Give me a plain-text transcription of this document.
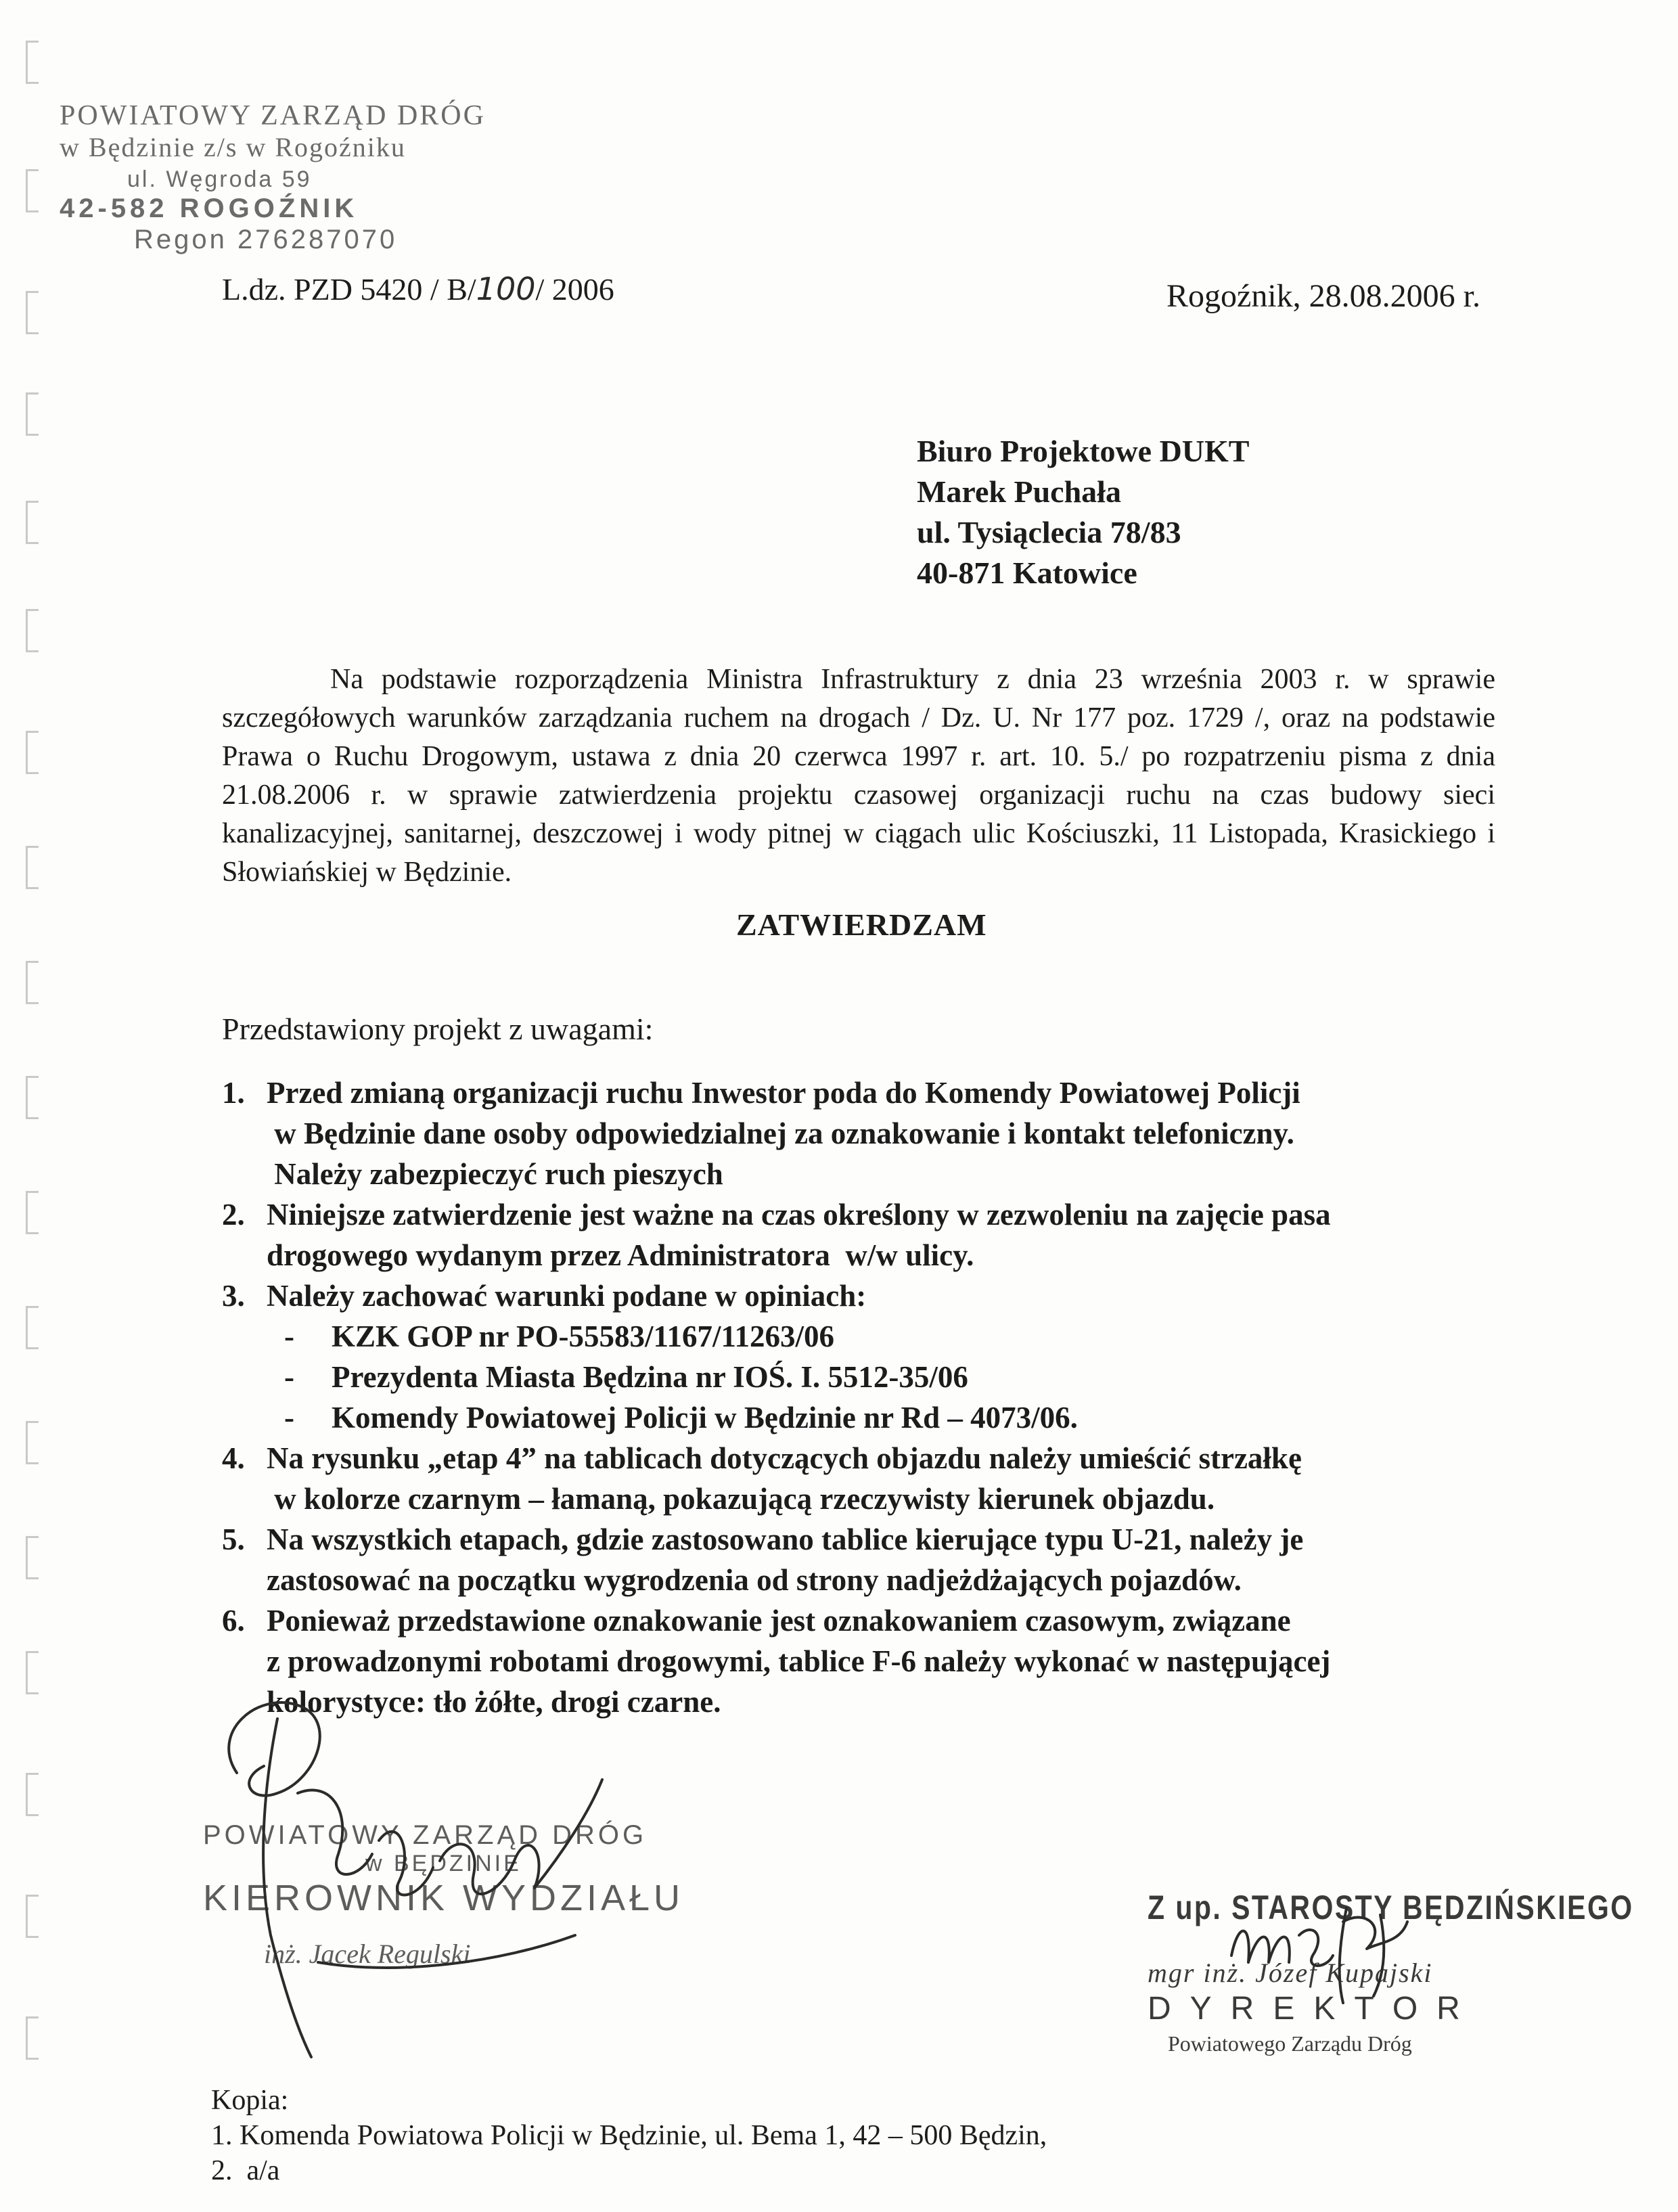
POWIATOWY ZARZĄD DRÓG
w Będzinie z/s w Rogoźniku
ul. Węgroda 59
42-582 ROGOŹNIK
Regon 276287070
L.dz. PZD 5420 / B/100/ 2006	Rogoźnik, 28.08.2006 r.
Biuro Projektowe DUKT
Marek Puchała
ul. Tysiąclecia 78/83
40-871 Katowice
Na podstawie rozporządzenia Ministra Infrastruktury z dnia 23 września 2003 r. w sprawie szczegółowych warunków zarządzania ruchem na drogach / Dz. U. Nr 177 poz. 1729 /, oraz na podstawie Prawa o Ruchu Drogowym, ustawa z dnia 20 czerwca 1997 r. art. 10. 5./ po rozpatrzeniu pisma z dnia 21.08.2006 r. w sprawie zatwierdzenia projektu czasowej organizacji ruchu na czas budowy sieci kanalizacyjnej, sanitarnej, deszczowej i wody pitnej w ciągach ulic Kościuszki, 11 Listopada, Krasickiego i Słowiańskiej w Będzinie.
ZATWIERDZAM
Przedstawiony projekt z uwagami:
1. Przed zmianą organizacji ruchu Inwestor poda do Komendy Powiatowej Policji
w Będzinie dane osoby odpowiedzialnej za oznakowanie i kontakt telefoniczny.
Należy zabezpieczyć ruch pieszych
2. Niniejsze zatwierdzenie jest ważne na czas określony w zezwoleniu na zajęcie pasa
drogowego wydanym przez Administratora  w/w ulicy.
3. Należy zachować warunki podane w opiniach:
-	KZK GOP nr PO-55583/1167/11263/06
-	Prezydenta Miasta Będzina nr IOŚ. I. 5512-35/06
-	Komendy Powiatowej Policji w Będzinie nr Rd – 4073/06.
4. Na rysunku „etap 4” na tablicach dotyczących objazdu należy umieścić strzałkę
w kolorze czarnym – łamaną, pokazującą rzeczywisty kierunek objazdu.
5. Na wszystkich etapach, gdzie zastosowano tablice kierujące typu U-21, należy je
zastosować na początku wygrodzenia od strony nadjeżdżających pojazdów.
6. Ponieważ przedstawione oznakowanie jest oznakowaniem czasowym, związane
z prowadzonymi robotami drogowymi, tablice F-6 należy wykonać w następującej
kolorystyce: tło żółte, drogi czarne.
POWIATOWY ZARZĄD DRÓG
w BĘDZINIE
KIEROWNIK WYDZIAŁU
inż. Jacek Regulski
Z up. STAROSTY BĘDZIŃSKIEGO
mgr inż. Józef Kupajski
DYREKTOR
Powiatowego Zarządu Dróg
Kopia:
1. Komenda Powiatowa Policji w Będzinie, ul. Bema 1, 42 – 500 Będzin,
2.  a/a
